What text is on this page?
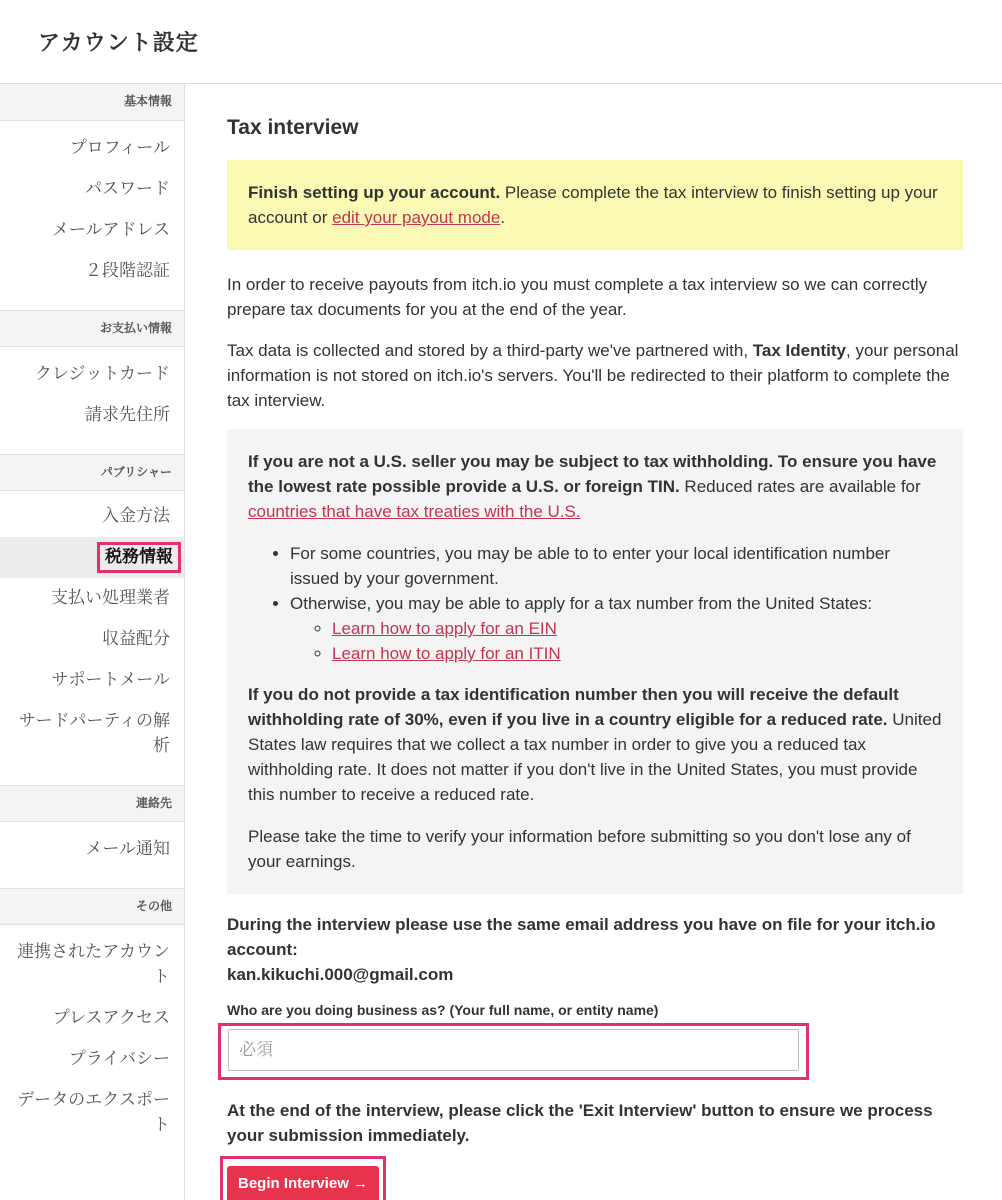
アカウント設定
基本情報
プロフィール
パスワード
メールアドレス
２段階認証
お支払い情報
クレジットカード
請求先住所
パブリシャー
入金方法
税務情報
支払い処理業者
収益配分
サポートメール
サードパーティの解析
連絡先
メール通知
その他
連携されたアカウント
プレスアクセス
プライバシー
データのエクスポート
Tax interview
Finish setting up your account. Please complete the tax interview to finish setting up your account or edit your payout mode.

In order to receive payouts from itch.io you must complete a tax interview so we can correctly prepare tax documents for you at the end of the year.

Tax data is collected and stored by a third-party we've partnered with, Tax Identity, your personal information is not stored on itch.io's servers. You'll be redirected to their platform to complete the tax interview.

If you are not a U.S. seller you may be subject to tax withholding. To ensure you have the lowest rate possible provide a U.S. or foreign TIN. Reduced rates are available for countries that have tax treaties with the U.S.

• For some countries, you may be able to to enter your local identification number issued by your government.
• Otherwise, you may be able to apply for a tax number from the United States:
◦ Learn how to apply for an EIN
◦ Learn how to apply for an ITIN

If you do not provide a tax identification number then you will receive the default withholding rate of 30%, even if you live in a country eligible for a reduced rate. United States law requires that we collect a tax number in order to give you a reduced tax withholding rate. It does not matter if you don't live in the United States, you must provide this number to receive a reduced rate.

Please take the time to verify your information before submitting so you don't lose any of your earnings.

During the interview please use the same email address you have on file for your itch.io account:
kan.kikuchi.000@gmail.com

Who are you doing business as? (Your full name, or entity name)
必須

At the end of the interview, please click the 'Exit Interview' button to ensure we process your submission immediately.

Begin Interview →
